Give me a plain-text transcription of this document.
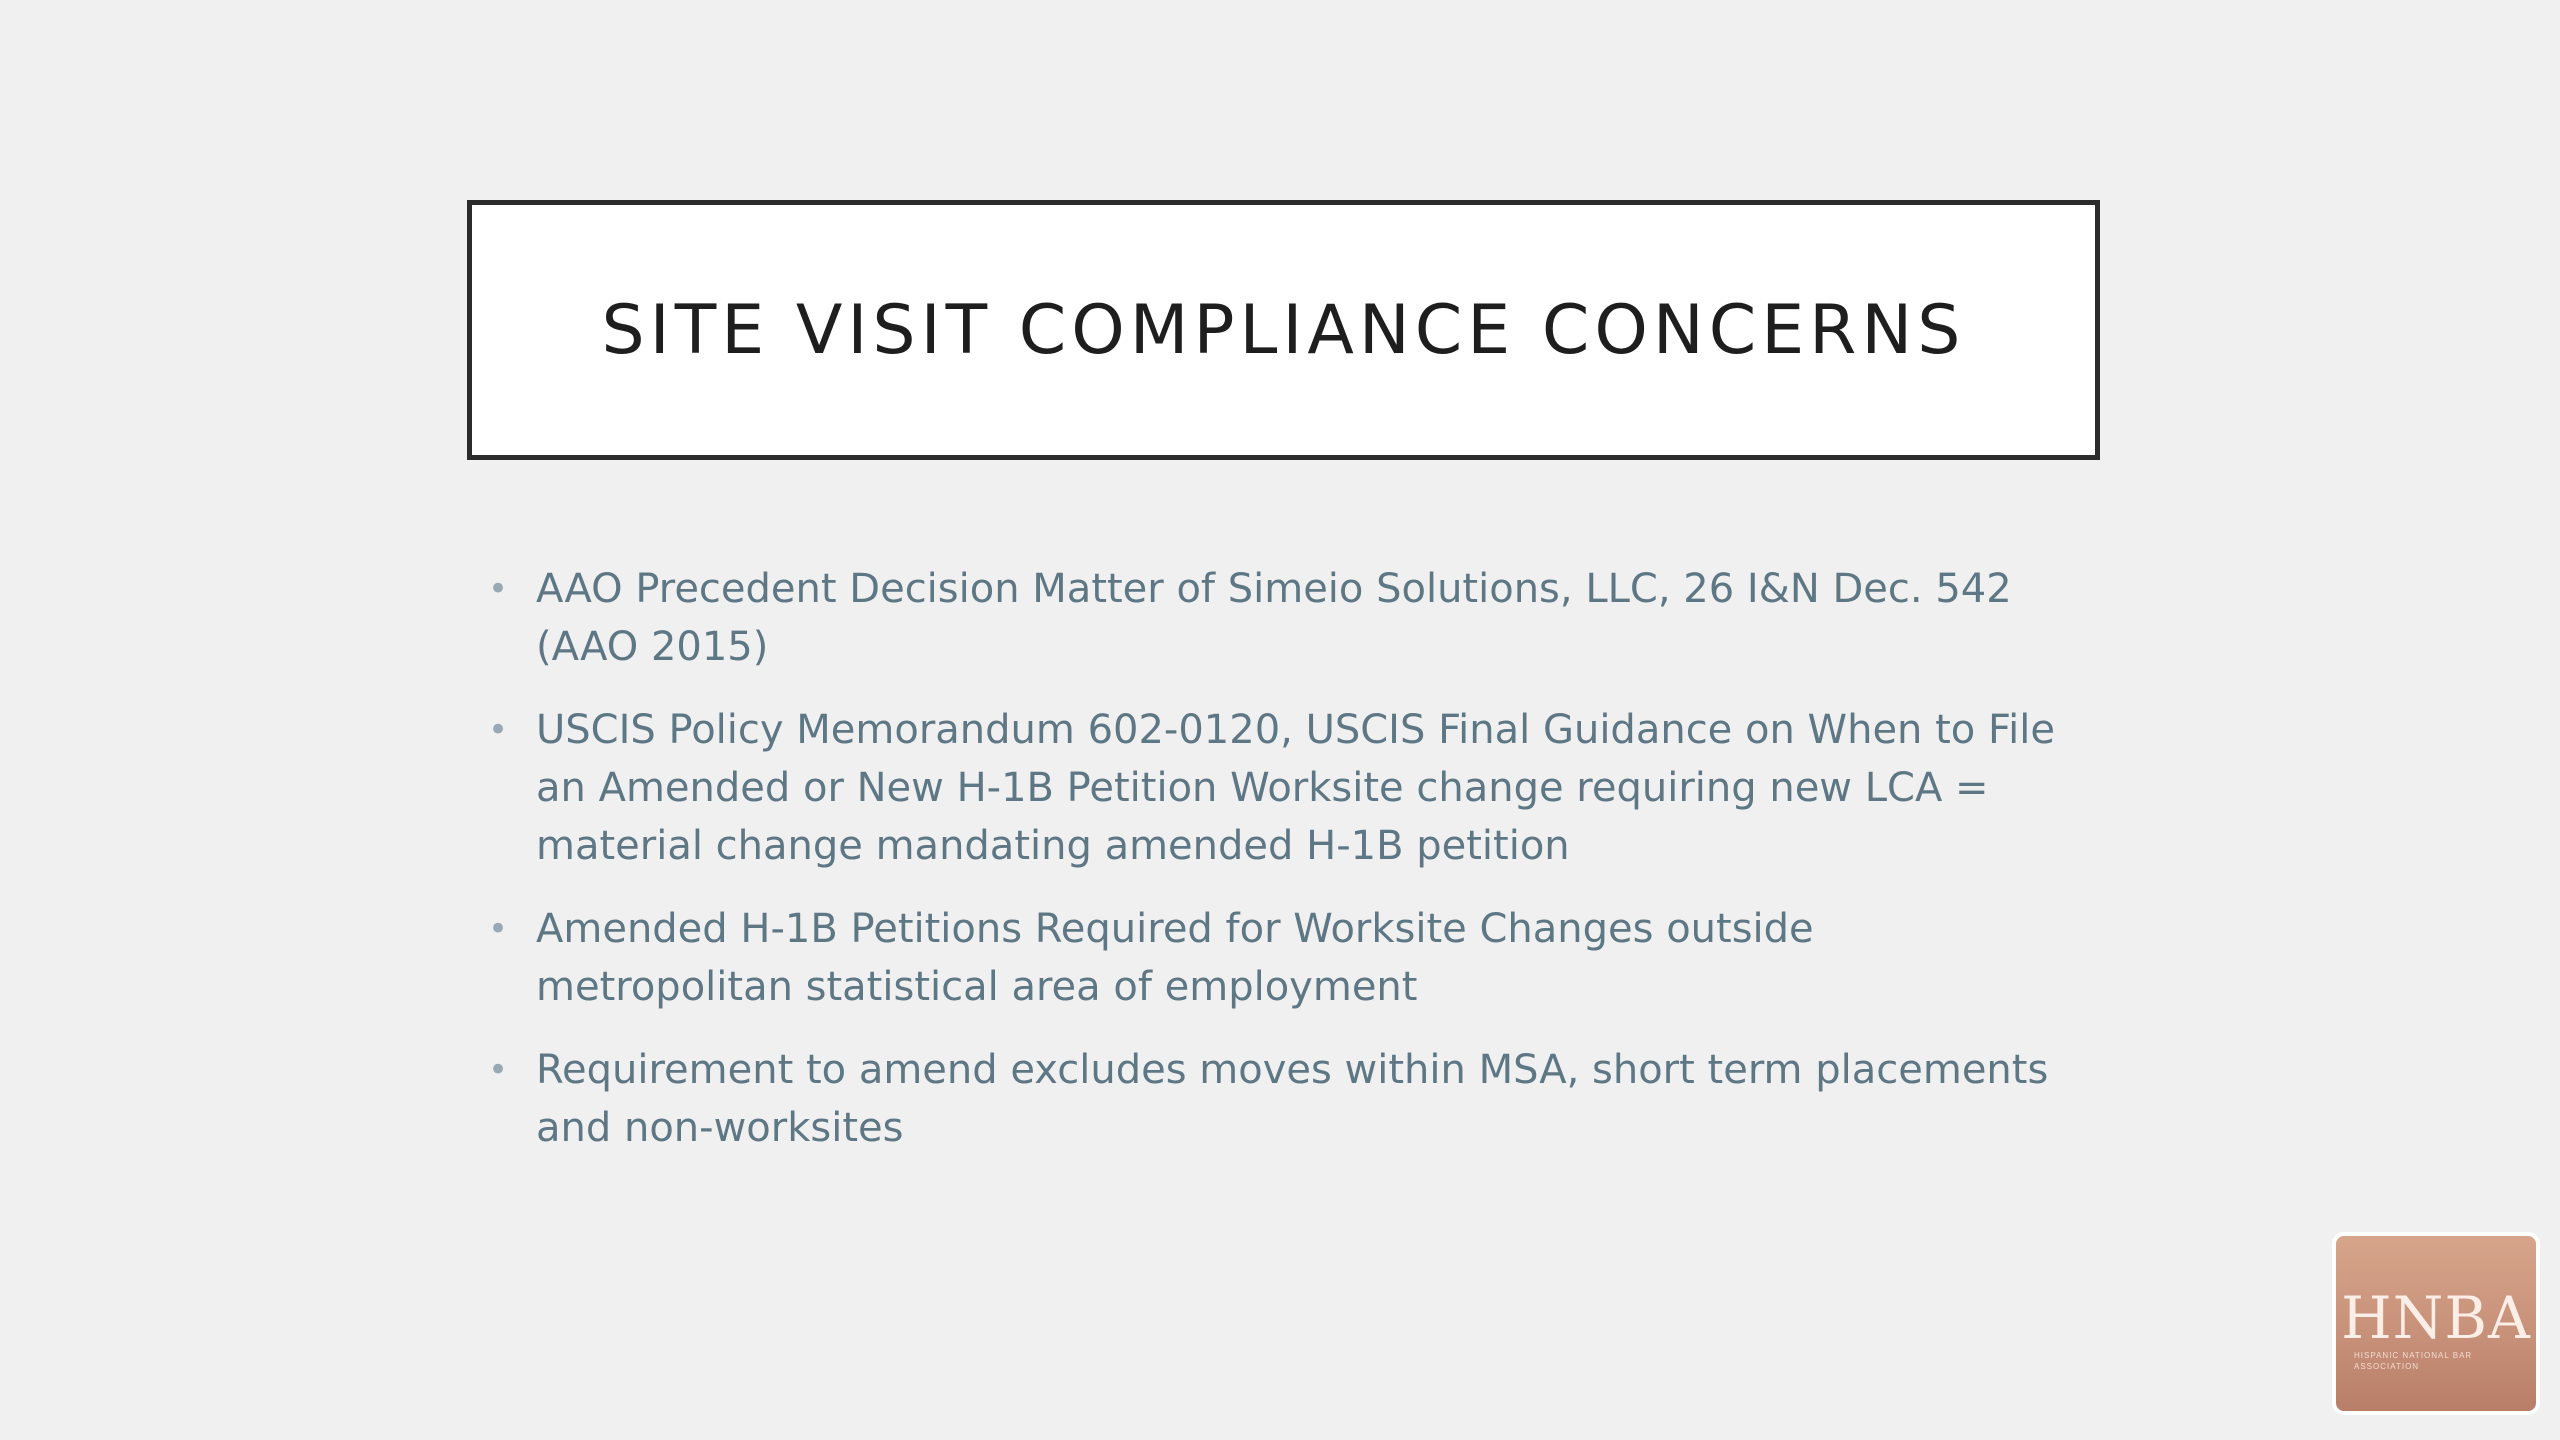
SITE VISIT COMPLIANCE CONCERNS
• AAO Precedent Decision Matter of Simeio Solutions, LLC, 26 I&N Dec. 542 (AAO 2015)
• USCIS Policy Memorandum 602-0120, USCIS Final Guidance on When to File an Amended or New H-1B Petition Worksite change requiring new LCA = material change mandating amended H-1B petition
• Amended H-1B Petitions Required for Worksite Changes outside metropolitan statistical area of employment
• Requirement to amend excludes moves within MSA, short term placements and non-worksites
HNBA
HISPANIC NATIONAL BAR ASSOCIATION
